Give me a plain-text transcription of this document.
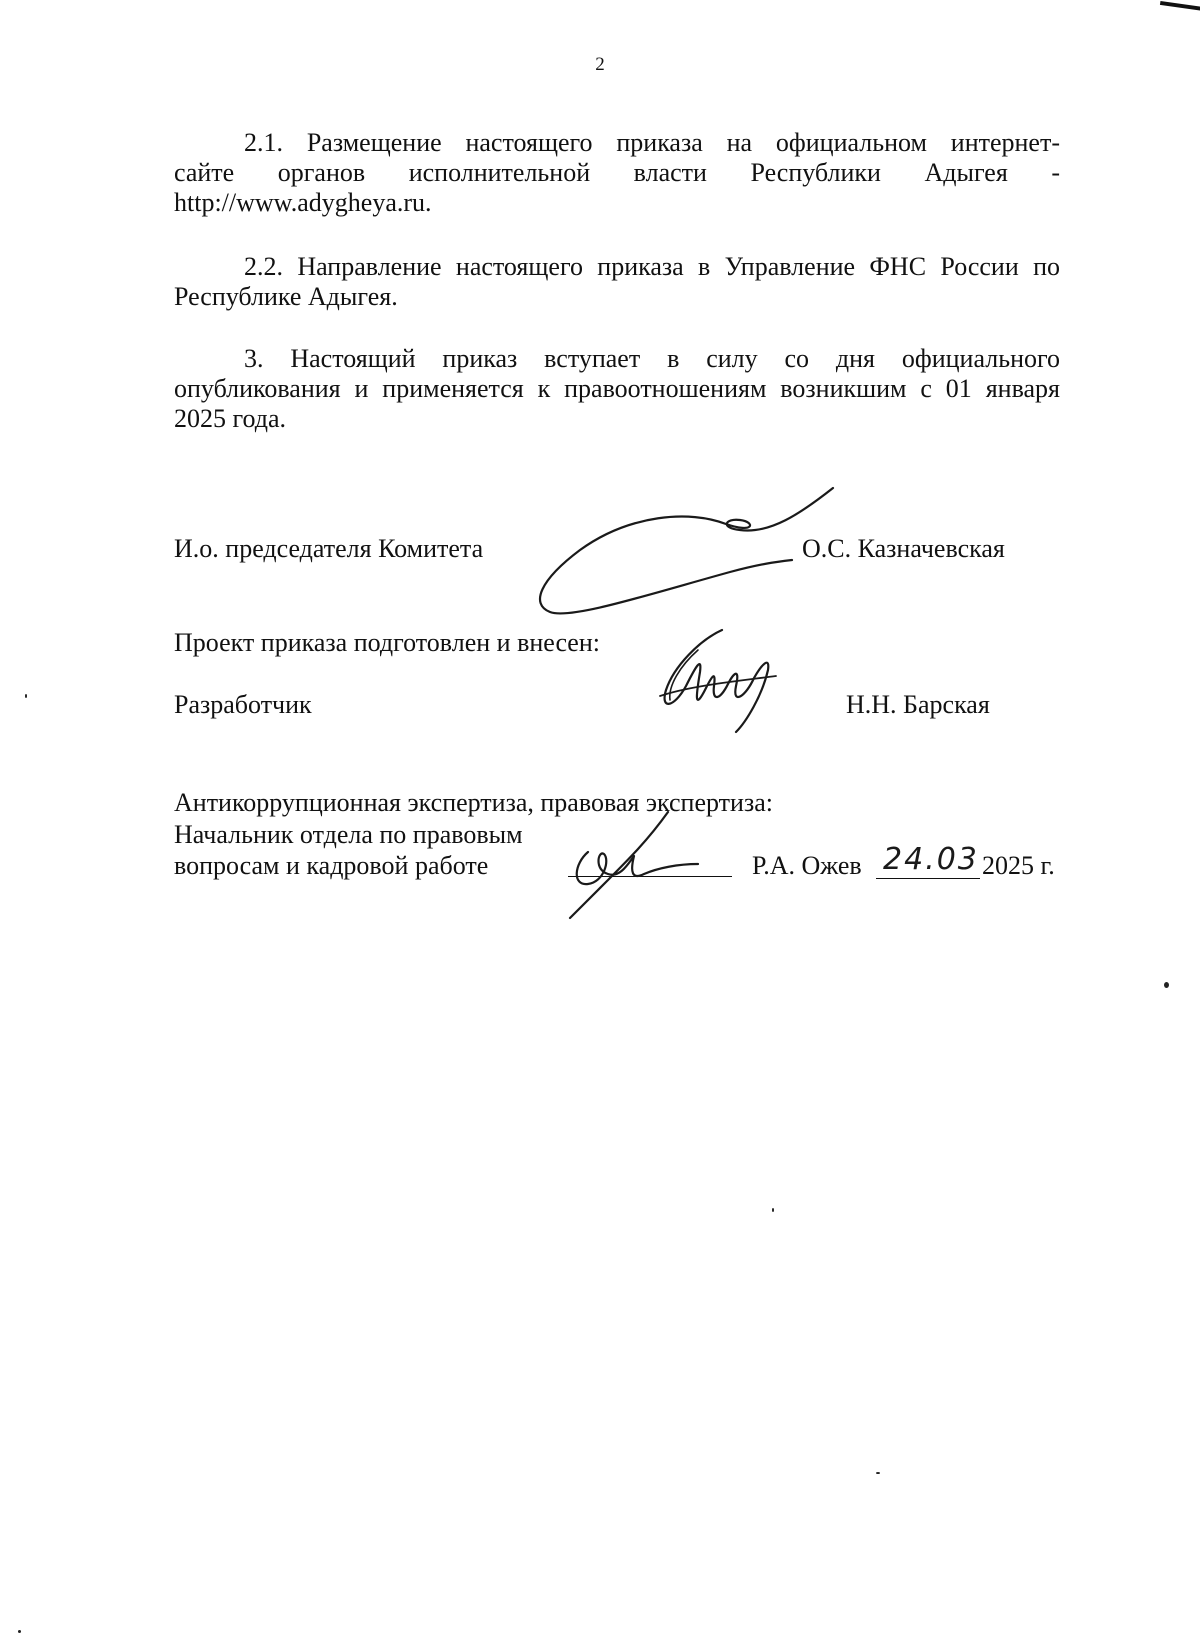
2
2.1. Размещение настоящего приказа на официальном интернет-
сайте органов исполнительной власти Республики Адыгея -
http://www.adygheya.ru.
2.2. Направление настоящего приказа в Управление ФНС России по
Республике Адыгея.
3. Настоящий приказ вступает в силу со дня официального
опубликования и применяется к правоотношениям возникшим с 01 января
2025 года.
И.о. председателя Комитета	О.С. Казначевская
Проект приказа подготовлен и внесен:
Разработчик	Н.Н. Барская
Антикоррупционная экспертиза, правовая экспертиза:
Начальник отдела по правовым
вопросам и кадровой работе	Р.А. Ожев 24.03 2025 г.
